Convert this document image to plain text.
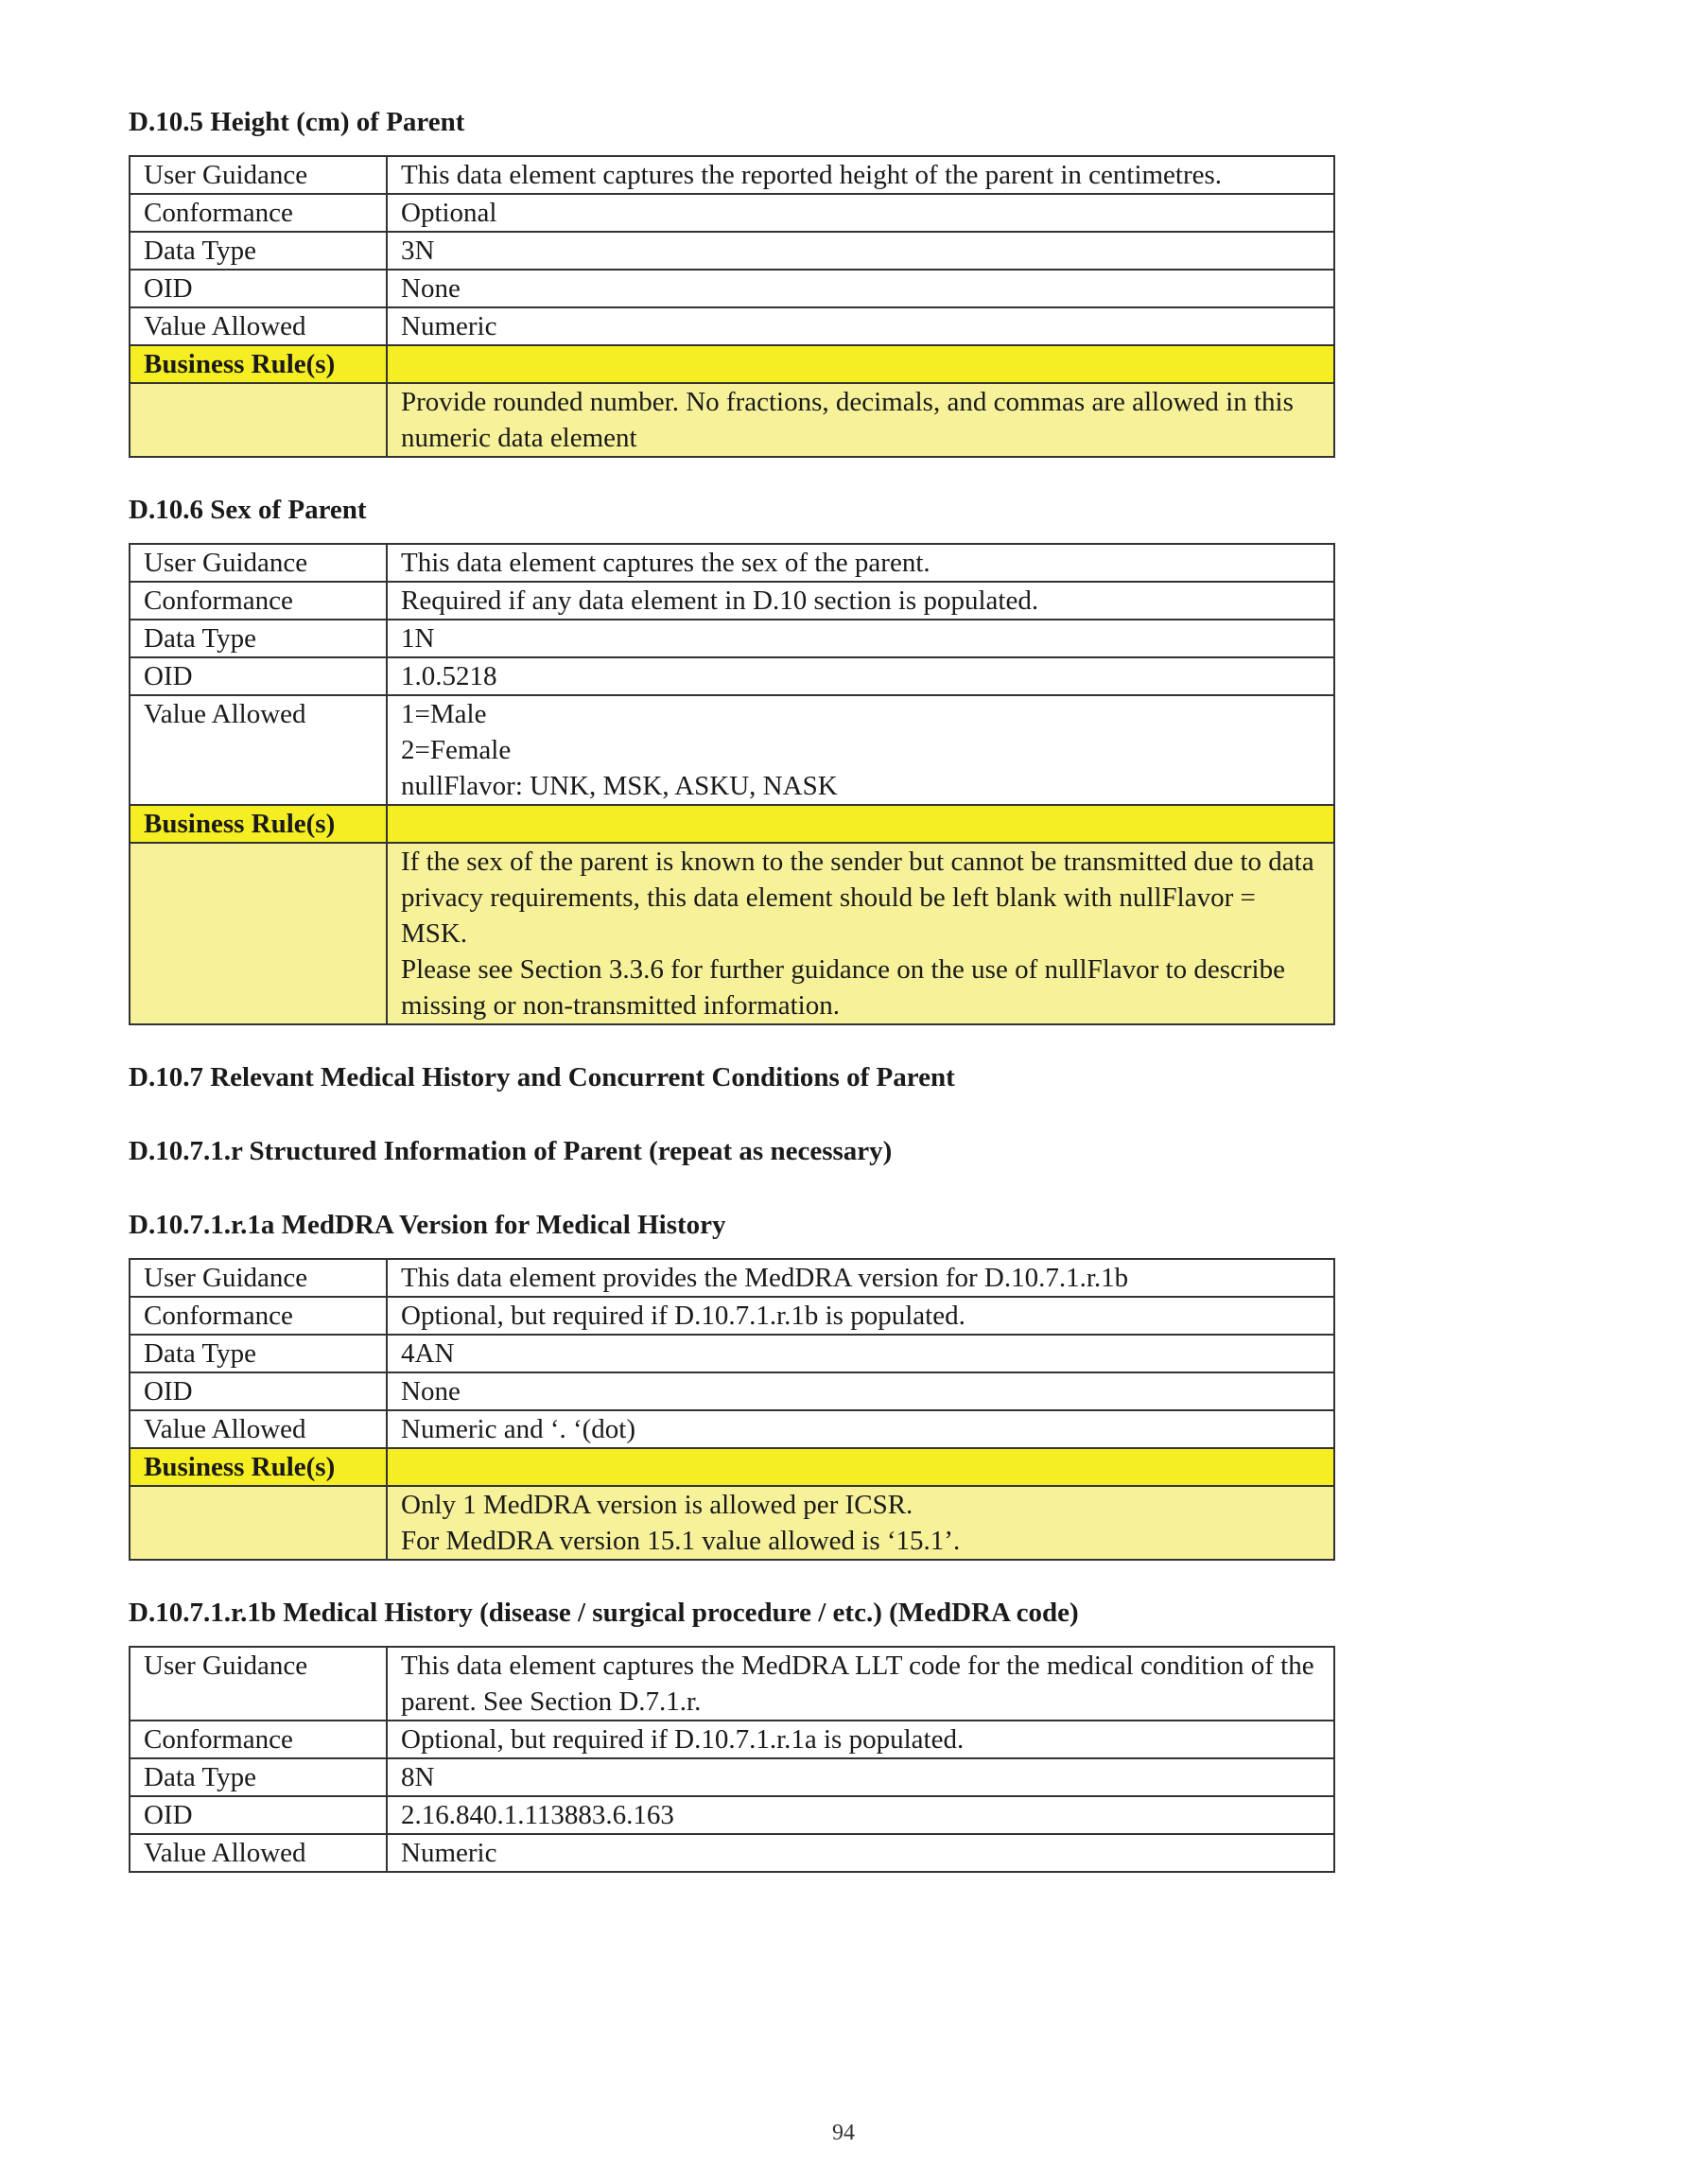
D.10.5 Height (cm) of Parent

User Guidance	This data element captures the reported height of the parent in centimetres.
Conformance	Optional
Data Type	3N
OID	None
Value Allowed	Numeric
Business Rule(s)	

	Provide rounded number. No fractions, decimals, and commas are allowed in this numeric data element

D.10.6 Sex of Parent

User Guidance	This data element captures the sex of the parent.
Conformance	Required if any data element in D.10 section is populated.
Data Type	1N
OID	1.0.5218
Value Allowed	1=Male
2=Female
nullFlavor: UNK, MSK, ASKU, NASK

Business Rule(s)	

	If the sex of the parent is known to the sender but cannot be transmitted due to data privacy requirements, this data element should be left blank with nullFlavor = MSK.
Please see Section 3.3.6 for further guidance on the use of nullFlavor to describe missing or non-transmitted information.

D.10.7 Relevant Medical History and Concurrent Conditions of Parent

D.10.7.1.r Structured Information of Parent (repeat as necessary)

D.10.7.1.r.1a MedDRA Version for Medical History

User Guidance	This data element provides the MedDRA version for D.10.7.1.r.1b
Conformance	Optional, but required if D.10.7.1.r.1b is populated.
Data Type	4AN
OID	None
Value Allowed	Numeric and ‘. ‘(dot)
Business Rule(s)	

	Only 1 MedDRA version is allowed per ICSR.
For MedDRA version 15.1 value allowed is ‘15.1’.

D.10.7.1.r.1b Medical History (disease / surgical procedure / etc.) (MedDRA code)

User Guidance	This data element captures the MedDRA LLT code for the medical condition of the parent. See Section D.7.1.r.
Conformance	Optional, but required if D.10.7.1.r.1a is populated.
Data Type	8N
OID	2.16.840.1.113883.6.163
Value Allowed	Numeric
94
